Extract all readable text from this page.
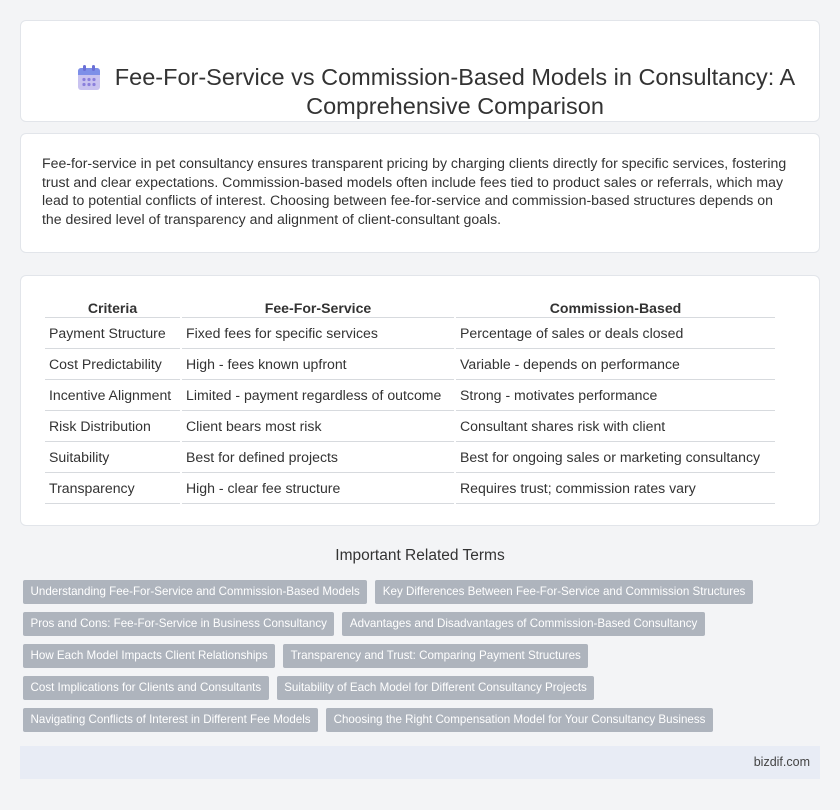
Fee-For-Service vs Commission-Based Models in Consultancy: A Comprehensive Comparison

Fee-for-service in pet consultancy ensures transparent pricing by charging clients directly for specific services, fostering trust and clear expectations. Commission-based models often include fees tied to product sales or referrals, which may lead to potential conflicts of interest. Choosing between fee-for-service and commission-based structures depends on the desired level of transparency and alignment of client-consultant goals.

Criteria	Fee-For-Service	Commission-Based
Payment Structure	Fixed fees for specific services	Percentage of sales or deals closed
Cost Predictability	High - fees known upfront	Variable - depends on performance
Incentive Alignment	Limited - payment regardless of outcome	Strong - motivates performance
Risk Distribution	Client bears most risk	Consultant shares risk with client
Suitability	Best for defined projects	Best for ongoing sales or marketing consultancy
Transparency	High - clear fee structure	Requires trust; commission rates vary
Important Related Terms
Understanding Fee-For-Service and Commission-Based Models	Key Differences Between Fee-For-Service and Commission Structures
Pros and Cons: Fee-For-Service in Business Consultancy	Advantages and Disadvantages of Commission-Based Consultancy
How Each Model Impacts Client Relationships	Transparency and Trust: Comparing Payment Structures
Cost Implications for Clients and Consultants	Suitability of Each Model for Different Consultancy Projects
Navigating Conflicts of Interest in Different Fee Models	Choosing the Right Compensation Model for Your Consultancy Business
bizdif.com
